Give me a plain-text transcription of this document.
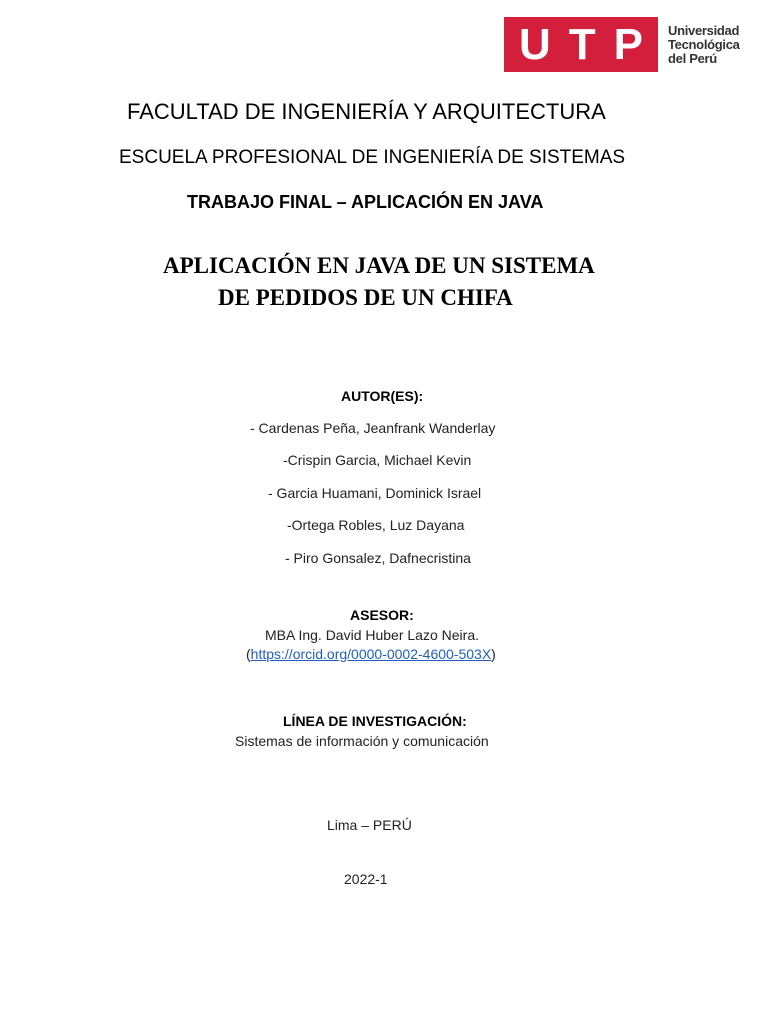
U T P Universidad
Tecnológica
del Perú
FACULTAD DE INGENIERÍA Y ARQUITECTURA
ESCUELA PROFESIONAL DE INGENIERÍA DE SISTEMAS
TRABAJO FINAL – APLICACIÓN EN JAVA
APLICACIÓN EN JAVA DE UN SISTEMA
DE PEDIDOS DE UN CHIFA
AUTOR(ES):
- Cardenas Peña, Jeanfrank Wanderlay
-Crispin Garcia, Michael Kevin
- Garcia Huamani, Dominick Israel
-Ortega Robles, Luz Dayana
- Piro Gonsalez, Dafnecristina
ASESOR:
MBA Ing. David Huber Lazo Neira.
(https://orcid.org/0000-0002-4600-503X)
LÍNEA DE INVESTIGACIÓN:
Sistemas de información y comunicación
Lima – PERÚ
2022-1
